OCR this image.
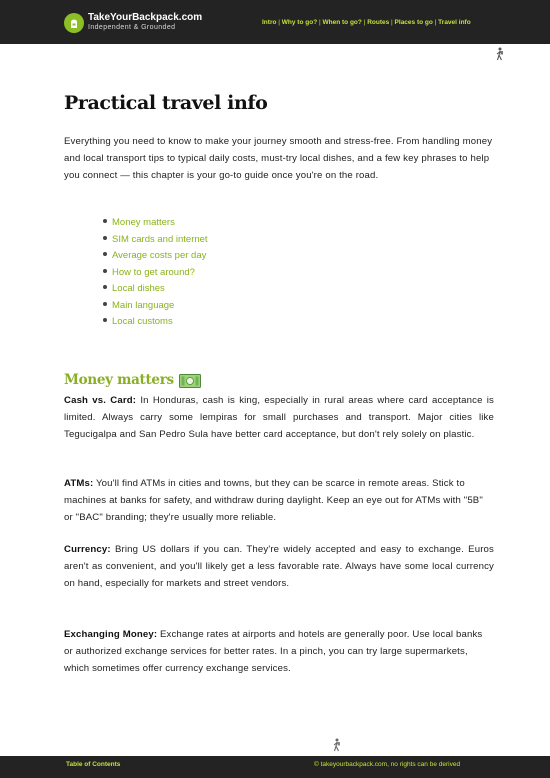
TakeYourBackpack.com
Independent & Grounded
Intro | Why to go? | When to go? | Routes | Places to go | Travel info
Practical travel info

Everything you need to know to make your journey smooth and stress-free. From handling money and local transport tips to typical daily costs, must-try local dishes, and a few key phrases to help you connect — this chapter is your go-to guide once you're on the road.

Money matters
SIM cards and internet
Average costs per day
How to get around?
Local dishes
Main language
Local customs
Money matters

Cash vs. Card: In Honduras, cash is king, especially in rural areas where card acceptance is limited. Always carry some lempiras for small purchases and transport. Major cities like Tegucigalpa and San Pedro Sula have better card acceptance, but don't rely solely on plastic.

ATMs: You'll find ATMs in cities and towns, but they can be scarce in remote areas. Stick to machines at banks for safety, and withdraw during daylight. Keep an eye out for ATMs with "5B" or "BAC" branding; they're usually more reliable.

Currency: Bring US dollars if you can. They're widely accepted and easy to exchange. Euros aren't as convenient, and you'll likely get a less favorable rate. Always have some local currency on hand, especially for markets and street vendors.

Exchanging Money: Exchange rates at airports and hotels are generally poor. Use local banks or authorized exchange services for better rates. In a pinch, you can try large supermarkets, which sometimes offer currency exchange services.

Table of Contents	© takeyourbackpack.com, no rights can be derived
